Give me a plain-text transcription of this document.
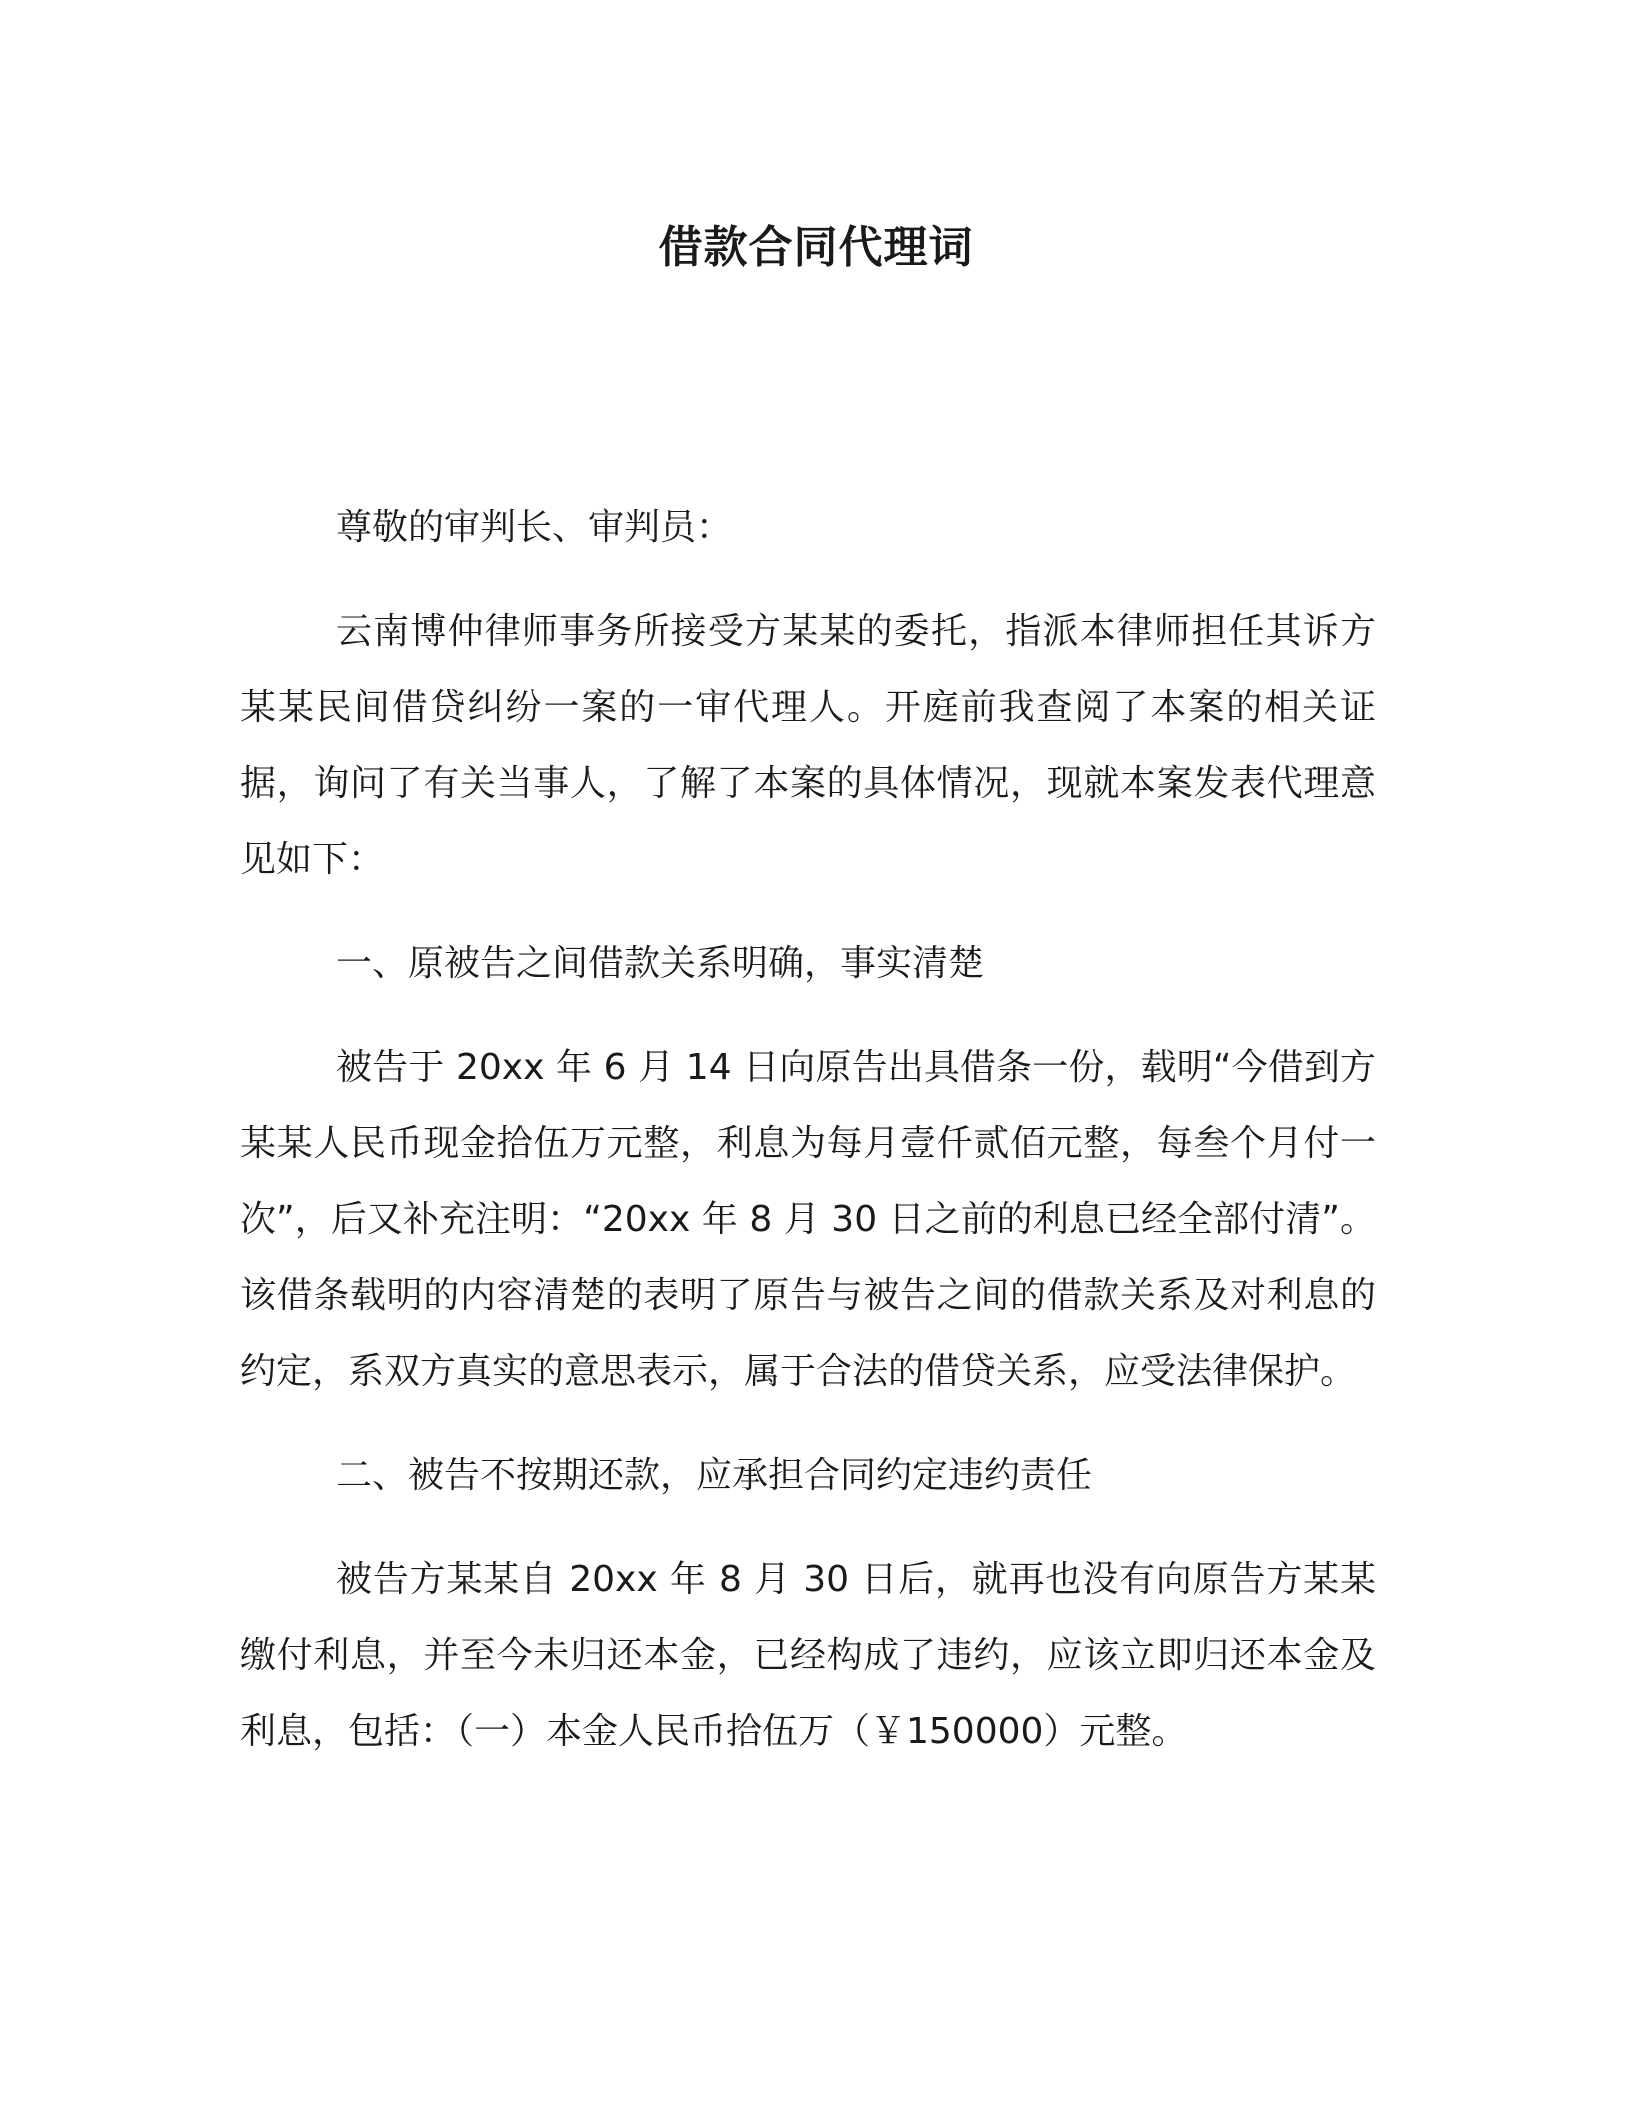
借款合同代理词

尊敬的审判长、审判员：

云南博仲律师事务所接受方某某的委托，指派本律师担任其诉方某某民间借贷纠纷一案的一审代理人。开庭前我查阅了本案的相关证据，询问了有关当事人，了解了本案的具体情况，现就本案发表代理意见如下：

一、原被告之间借款关系明确，事实清楚

被告于 20xx 年 6 月 14 日向原告出具借条一份，载明“今借到方某某人民币现金拾伍万元整，利息为每月壹仟贰佰元整，每叁个月付一次”，后又补充注明：“20xx 年 8 月 30 日之前的利息已经全部付清”。该借条载明的内容清楚的表明了原告与被告之间的借款关系及对利息的约定，系双方真实的意思表示，属于合法的借贷关系，应受法律保护。

二、被告不按期还款，应承担合同约定违约责任

被告方某某自 20xx 年 8 月 30 日后，就再也没有向原告方某某缴付利息，并至今未归还本金，已经构成了违约，应该立即归还本金及利息，包括：（一）本金人民币拾伍万（￥150000）元整。
